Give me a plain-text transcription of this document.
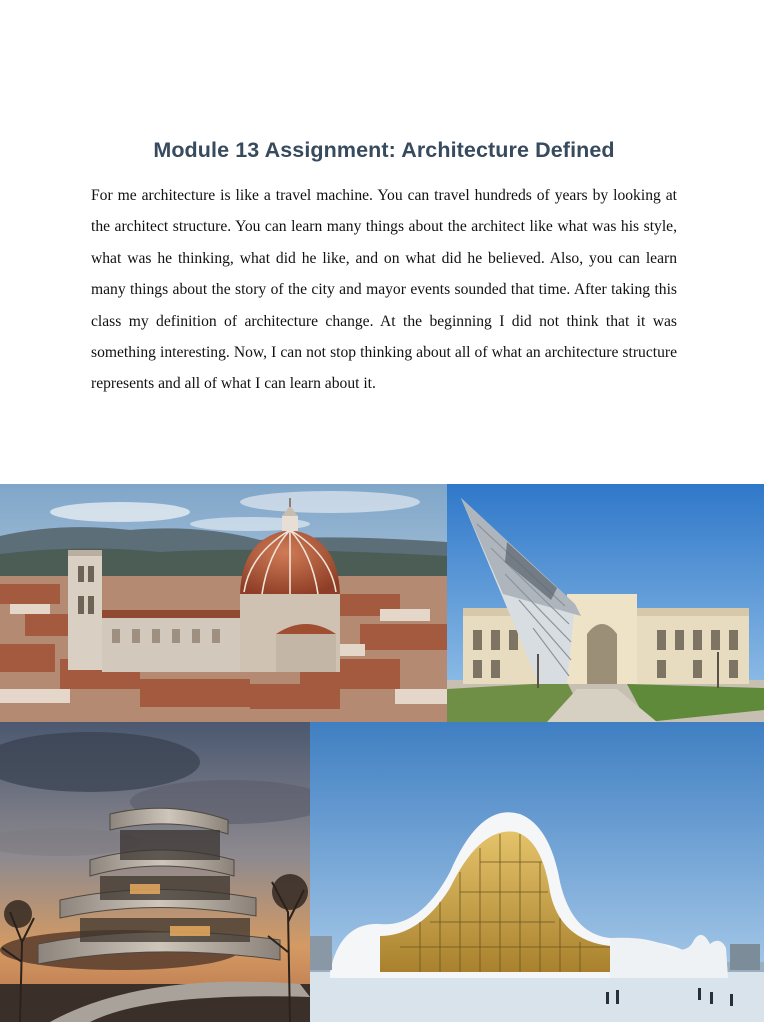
Module 13 Assignment: Architecture Defined

For me architecture is like a travel machine. You can travel hundreds of years by looking at the architect structure. You can learn many things about the architect like what was his style, what was he thinking, what did he like, and on what did he believed. Also, you can learn many things about the story of the city and mayor events sounded that time. After taking this class my definition of architecture change. At the beginning I did not think that it was something interesting. Now, I can not stop thinking about all of what an architecture structure represents and all of what I can learn about it.
